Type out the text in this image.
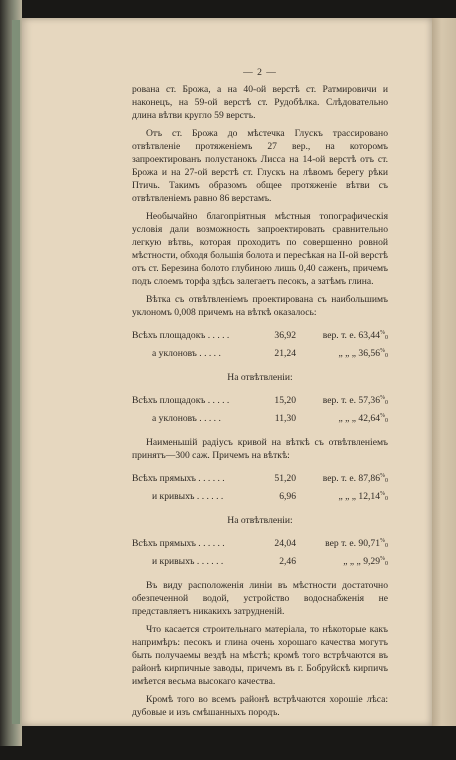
— 2 —

рована ст. Брожа, а на 40-ой верстѣ ст. Ратмировичи и наконецъ, на 59-ой верстѣ ст. Рудобѣлка. Слѣдовательно длина вѣтви кругло 59 верстъ.

Отъ ст. Брожа до мѣстечка Глускъ трассировано отвѣтвленіе протяженіемъ 27 вер., на которомъ запроектированъ полустанокъ Лисса на 14-ой верстѣ отъ ст. Брожа и на 27-ой верстѣ ст. Глускъ на лѣвомъ берегу рѣки Птичь. Такимъ образомъ общее протяженіе вѣтви съ отвѣтвленіемъ равно 86 верстамъ.

Необычайно благопріятныя мѣстныя топографическія условія дали возможность запроектировать сравнительно легкую вѣтвь, которая проходитъ по совершенно ровной мѣстности, обходя большія болота и пересѣкая на II-ой верстѣ отъ ст. Березина болото глубиною лишь 0,40 саженъ, причемъ подъ слоемъ торфа здѣсь залегаетъ песокъ, а затѣмъ глина.

Вѣтка съ отвѣтвленіемъ проектирована съ наибольшимъ уклономъ 0,008 причемъ на вѣткѣ оказалось:

Всѣхъ площадокъ . . . . .	36,92	вер. т. е. $63,44^{\%}_0$
а уклоновъ . . . . .	21,24	„ „ „ $36,56^{\%}_0$
На отвѣтвленіи:
Всѣхъ площадокъ . . . . .	15,20	вер. т. е. $57,36^{\%}_0$
а уклоновъ . . . . .	11,30	„ „ „ $42,64^{\%}_0$

Наименьшій радіусъ кривой на вѣткѣ съ отвѣтвленіемъ принятъ—300 саж. Причемъ на вѣткѣ:

Всѣхъ прямыхъ . . . . . .	51,20	вер. т. е. $87,86^{\%}_0$
и кривыхъ . . . . . .	6,96	„ „ „ $12,14^{\%}_0$
На отвѣтвленіи:
Всѣхъ прямыхъ . . . . . .	24,04	вер т. е. $90,71^{\%}_0$
и кривыхъ . . . . . .	2,46	„ „ „ $9,29^{\%}_0$

Въ виду расположенія линіи въ мѣстности достаточно обезпеченной водой, устройство водоснабженія не представляетъ никакихъ затрудненій.

Что касается строительнаго матеріала, то нѣкоторые какъ напримѣръ: песокъ и глина очень хорошаго качества могутъ быть получаемы вездѣ на мѣстѣ; кромѣ того встрѣчаются въ районѣ кирпичные заводы, причемъ въ г. Бобруйскѣ кирпичъ имѣется весьма высокаго качества.

Кромѣ того во всемъ районѣ встрѣчаются хорошіе лѣса: дубовые и изъ смѣшанныхъ породъ.
